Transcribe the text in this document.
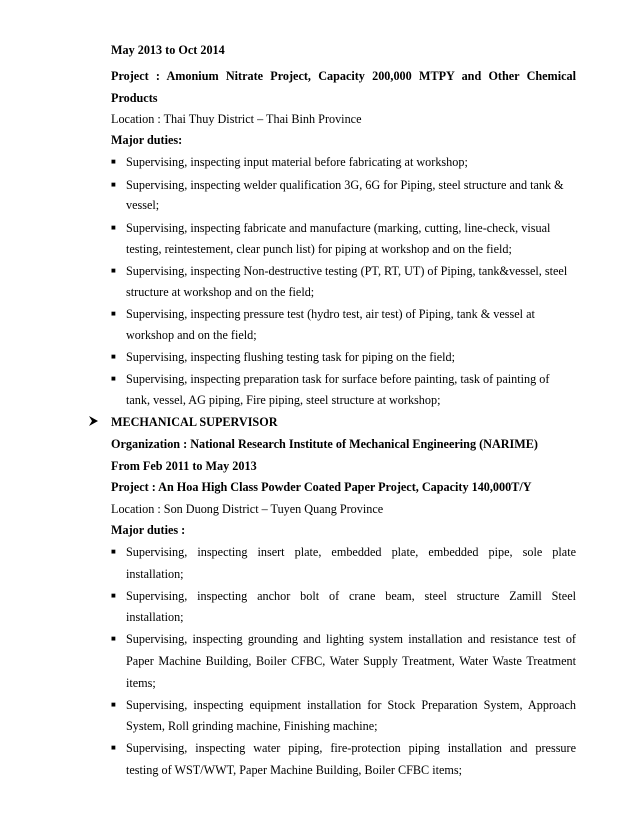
May 2013 to Oct 2014
Project : Amonium Nitrate Project, Capacity 200,000 MTPY and Other Chemical
Products
Location : Thai Thuy District – Thai Binh Province
Major duties:
■ Supervising, inspecting input material before fabricating at workshop;
■ Supervising, inspecting welder qualification 3G, 6G for Piping, steel structure and tank &
vessel;
■ Supervising, inspecting fabricate and manufacture (marking, cutting, line-check, visual
testing, reintestement, clear punch list) for piping at workshop and on the field;
■ Supervising, inspecting Non-destructive testing (PT, RT, UT) of Piping, tank&vessel, steel
structure at workshop and on the field;
■ Supervising, inspecting pressure test (hydro test, air test) of Piping, tank & vessel at
workshop and on the field;
■ Supervising, inspecting flushing testing task for piping on the field;
■ Supervising, inspecting preparation task for surface before painting, task of painting of
tank, vessel, AG piping, Fire piping, steel structure at workshop;
MECHANICAL SUPERVISOR
Organization : National Research Institute of Mechanical Engineering (NARIME)
From Feb 2011 to May 2013
Project : An Hoa High Class Powder Coated Paper Project, Capacity 140,000T/Y
Location : Son Duong District – Tuyen Quang Province
Major duties :
■ Supervising, inspecting insert plate, embedded plate, embedded pipe, sole plate
installation;
■ Supervising, inspecting anchor bolt of crane beam, steel structure Zamill Steel
installation;
■ Supervising, inspecting grounding and lighting system installation and resistance test of
Paper Machine Building, Boiler CFBC, Water Supply Treatment, Water Waste Treatment
items;
■ Supervising, inspecting equipment installation for Stock Preparation System, Approach
System, Roll grinding machine, Finishing machine;
■ Supervising, inspecting water piping, fire-protection piping installation and pressure
testing of WST/WWT, Paper Machine Building, Boiler CFBC items;
